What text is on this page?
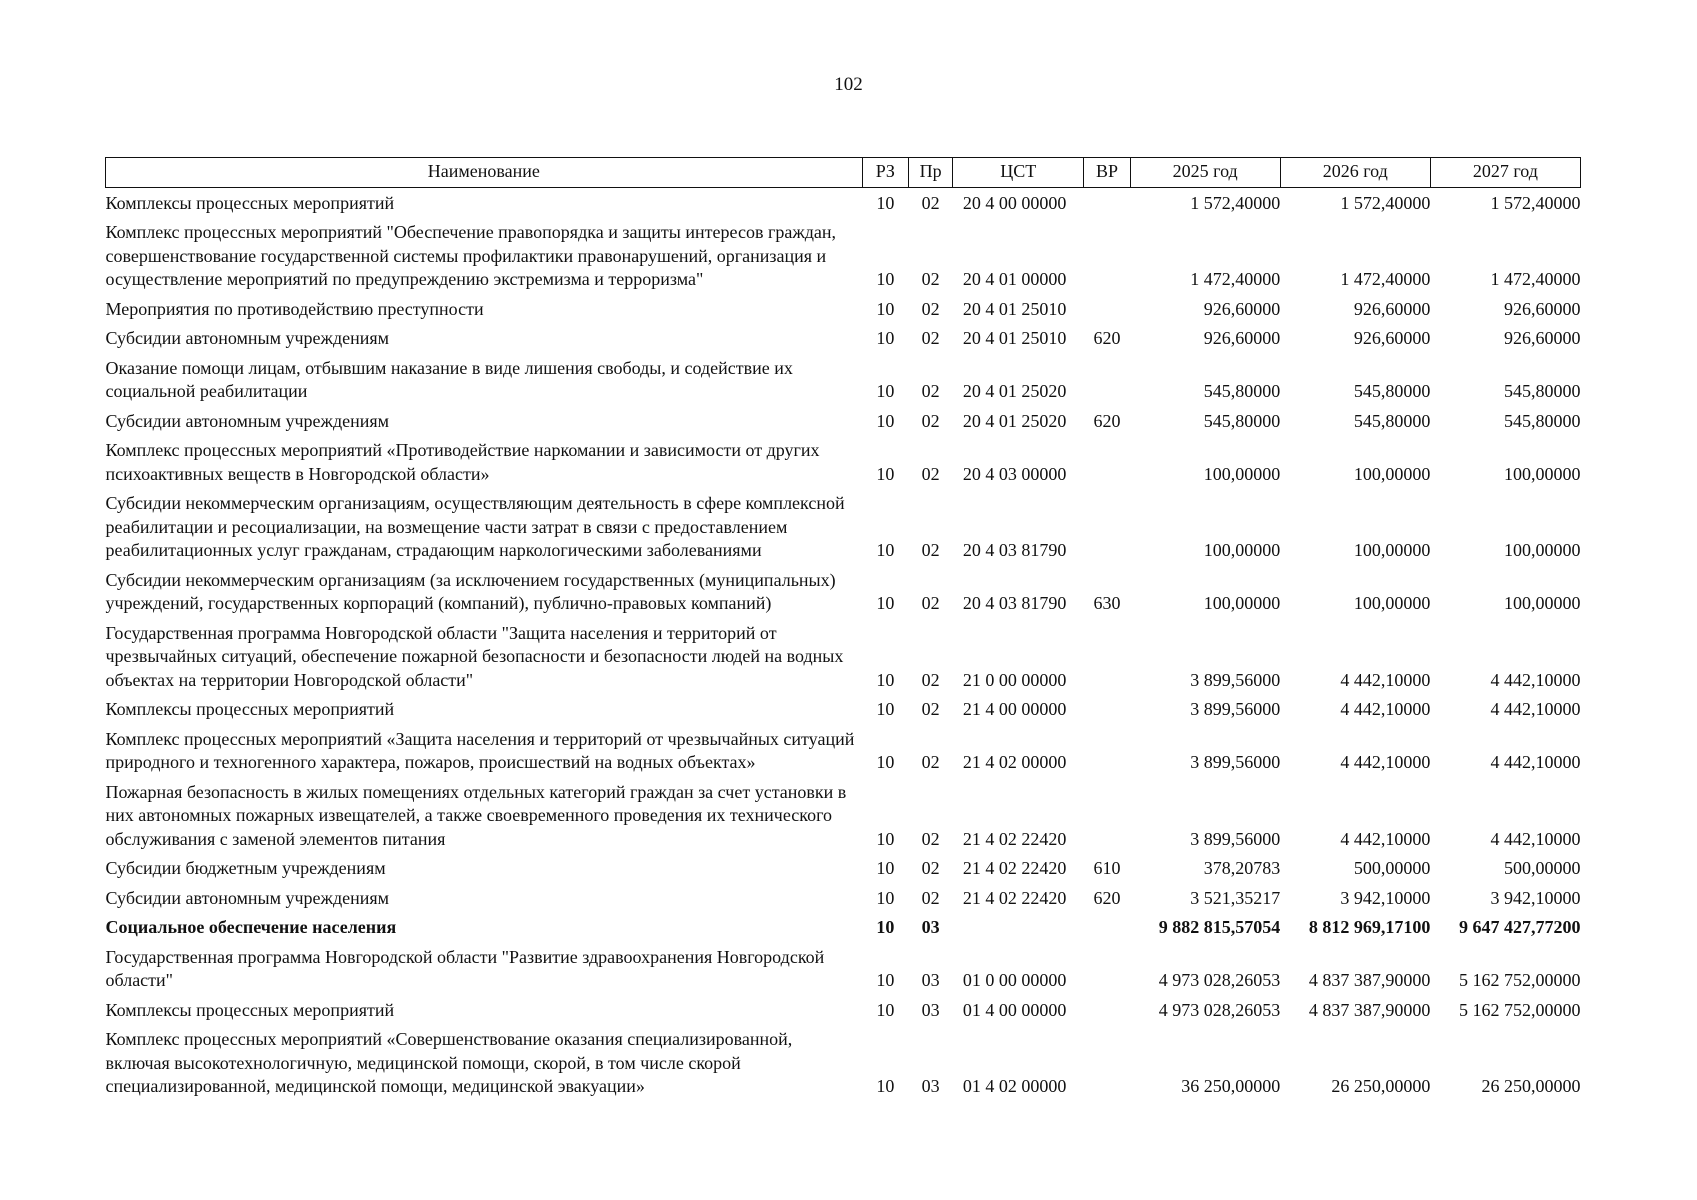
102
Наименование	РЗ	Пр	ЦСТ	ВР	2025 год	2026 год	2027 год
Комплексы процессных мероприятий	10	02	20 4 00 00000		1 572,40000	1 572,40000	1 572,40000
Комплекс процессных мероприятий "Обеспечение правопорядка и защиты интересов граждан, совершенствование государственной системы профилактики правонарушений, организация и осуществление мероприятий по предупреждению экстремизма и терроризма"	10	02	20 4 01 00000		1 472,40000	1 472,40000	1 472,40000
Мероприятия по противодействию преступности	10	02	20 4 01 25010		926,60000	926,60000	926,60000
Субсидии автономным учреждениям	10	02	20 4 01 25010	620	926,60000	926,60000	926,60000
Оказание помощи лицам, отбывшим наказание в виде лишения свободы, и содействие их социальной реабилитации	10	02	20 4 01 25020		545,80000	545,80000	545,80000
Субсидии автономным учреждениям	10	02	20 4 01 25020	620	545,80000	545,80000	545,80000
Комплекс процессных мероприятий «Противодействие наркомании и зависимости от других психоактивных веществ в Новгородской области»	10	02	20 4 03 00000		100,00000	100,00000	100,00000
Субсидии некоммерческим организациям, осуществляющим деятельность в сфере комплексной реабилитации и ресоциализации, на возмещение части затрат в связи с предоставлением реабилитационных услуг гражданам, страдающим наркологическими заболеваниями	10	02	20 4 03 81790		100,00000	100,00000	100,00000
Субсидии некоммерческим организациям (за исключением государственных (муниципальных) учреждений, государственных корпораций (компаний), публично-правовых компаний)	10	02	20 4 03 81790	630	100,00000	100,00000	100,00000
Государственная программа Новгородской области "Защита населения и территорий от чрезвычайных ситуаций, обеспечение пожарной безопасности и безопасности людей на водных объектах на территории Новгородской области"	10	02	21 0 00 00000		3 899,56000	4 442,10000	4 442,10000
Комплексы процессных мероприятий	10	02	21 4 00 00000		3 899,56000	4 442,10000	4 442,10000
Комплекс процессных мероприятий «Защита населения и территорий от чрезвычайных ситуаций природного и техногенного характера, пожаров, происшествий на водных объектах»	10	02	21 4 02 00000		3 899,56000	4 442,10000	4 442,10000
Пожарная безопасность в жилых помещениях отдельных категорий граждан за счет установки в них автономных пожарных извещателей, а также своевременного проведения их технического обслуживания с заменой элементов питания	10	02	21 4 02 22420		3 899,56000	4 442,10000	4 442,10000
Субсидии бюджетным учреждениям	10	02	21 4 02 22420	610	378,20783	500,00000	500,00000
Субсидии автономным учреждениям	10	02	21 4 02 22420	620	3 521,35217	3 942,10000	3 942,10000
Социальное обеспечение населения	10	03			9 882 815,57054	8 812 969,17100	9 647 427,77200
Государственная программа Новгородской области "Развитие здравоохранения Новгородской области"	10	03	01 0 00 00000		4 973 028,26053	4 837 387,90000	5 162 752,00000
Комплексы процессных мероприятий	10	03	01 4 00 00000		4 973 028,26053	4 837 387,90000	5 162 752,00000
Комплекс процессных мероприятий «Совершенствование оказания специализированной, включая высокотехнологичную, медицинской помощи, скорой, в том числе скорой специализированной, медицинской помощи, медицинской эвакуации»	10	03	01 4 02 00000		36 250,00000	26 250,00000	26 250,00000
